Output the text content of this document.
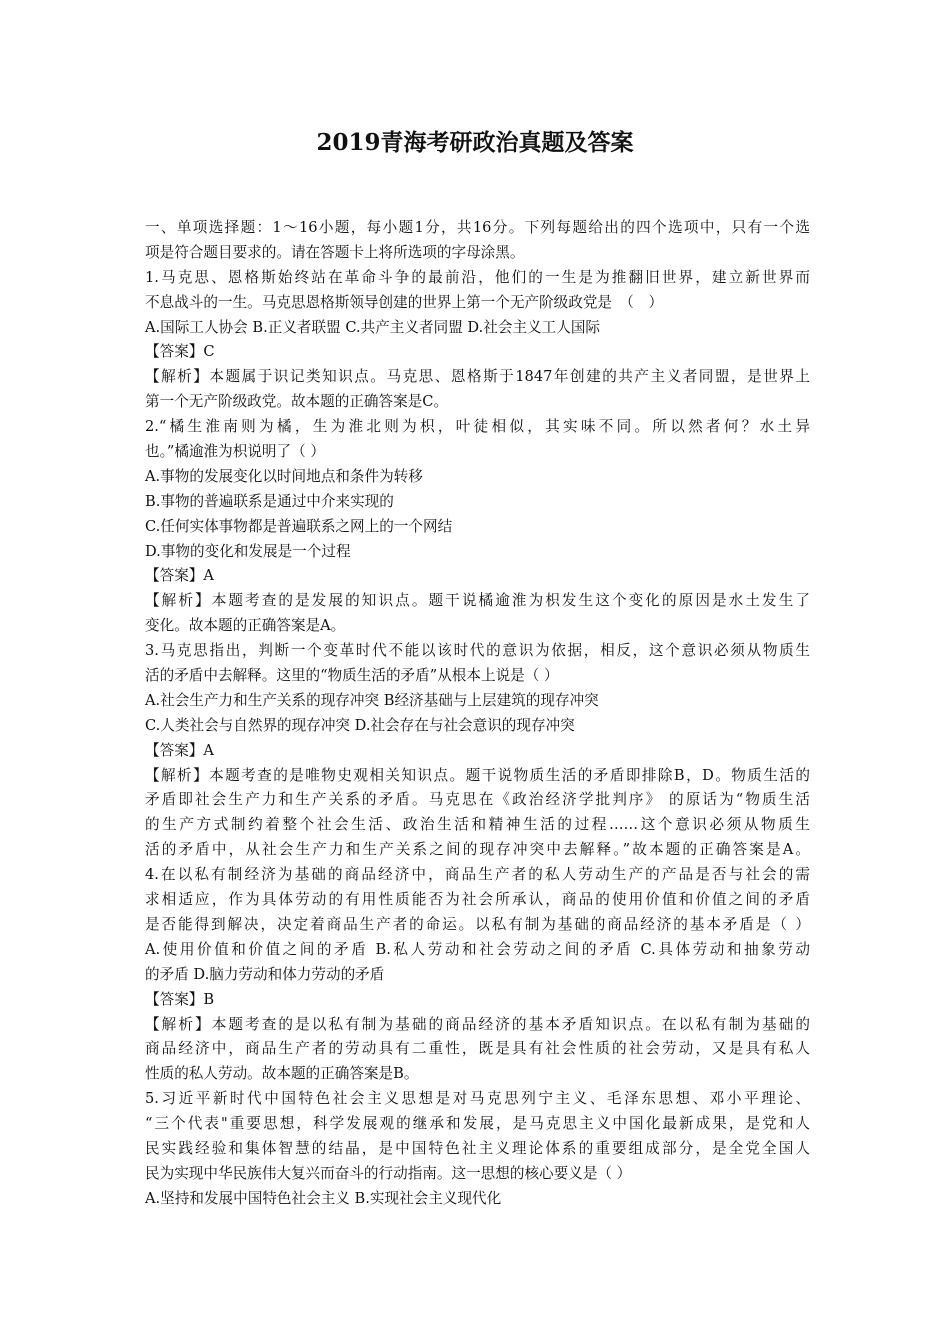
2019青海考研政治真题及答案
一、单项选择题：1～16小题，每小题1分，共16分。下列每题给出的四个选项中，只有一个选
项是符合题目要求的。请在答题卡上将所选项的字母涂黑。
1.马克思、恩格斯始终站在革命斗争的最前沿，他们的一生是为推翻旧世界，建立新世界而
不息战斗的一生。马克思恩格斯领导创建的世界上第一个无产阶级政党是　（　）
A.国际工人协会 B.正义者联盟 C.共产主义者同盟 D.社会主义工人国际
【答案】C
【解析】本题属于识记类知识点。马克思、恩格斯于1847年创建的共产主义者同盟，是世界上
第一个无产阶级政党。故本题的正确答案是C。
2.“橘生淮南则为橘，生为淮北则为枳，叶徒相似，其实味不同。所以然者何？水土异
也。”橘逾淮为枳说明了（ ）
A.事物的发展变化以时间地点和条件为转移
B.事物的普遍联系是通过中介来实现的
C.任何实体事物都是普遍联系之网上的一个网结
D.事物的变化和发展是一个过程
【答案】A
【解析】本题考查的是发展的知识点。题干说橘逾淮为枳发生这个变化的原因是水土发生了
变化。故本题的正确答案是A。
3.马克思指出，判断一个变革时代不能以该时代的意识为依据，相反，这个意识必须从物质生
活的矛盾中去解释。这里的“物质生活的矛盾”从根本上说是（ ）
A.社会生产力和生产关系的现存冲突 B经济基础与上层建筑的现存冲突
C.人类社会与自然界的现存冲突 D.社会存在与社会意识的现存冲突
【答案】A
【解析】本题考查的是唯物史观相关知识点。题干说物质生活的矛盾即排除B，D。物质生活的
矛盾即社会生产力和生产关系的矛盾。马克思在《政治经济学批判序》 的原话为“物质生活
的生产方式制约着整个社会生活、政治生活和精神生活的过程……这个意识必须从物质生
活的矛盾中，从社会生产力和生产关系之间的现存冲突中去解释。”故本题的正确答案是A。
4.在以私有制经济为基础的商品经济中，商品生产者的私人劳动生产的产品是否与社会的需
求相适应，作为具体劳动的有用性质能否为社会所承认，商品的使用价值和价值之间的矛盾
是否能得到解决，决定着商品生产者的命运。以私有制为基础的商品经济的基本矛盾是（ ）
A.使用价值和价值之间的矛盾 B.私人劳动和社会劳动之间的矛盾 C.具体劳动和抽象劳动
的矛盾 D.脑力劳动和体力劳动的矛盾
【答案】B
【解析】本题考查的是以私有制为基础的商品经济的基本矛盾知识点。在以私有制为基础的
商品经济中，商品生产者的劳动具有二重性，既是具有社会性质的社会劳动，又是具有私人
性质的私人劳动。故本题的正确答案是B。
5.习近平新时代中国特色社会主义思想是对马克思列宁主义、毛泽东思想、邓小平理论、
“三个代表"重要思想，科学发展观的继承和发展，是马克思主义中国化最新成果，是党和人
民实践经验和集体智慧的结晶，是中国特色社主义理论体系的重要组成部分，是全党全国人
民为实现中华民族伟大复兴而奋斗的行动指南。这一思想的核心要义是（ ）
A.坚持和发展中国特色社会主义 B.实现社会主义现代化
